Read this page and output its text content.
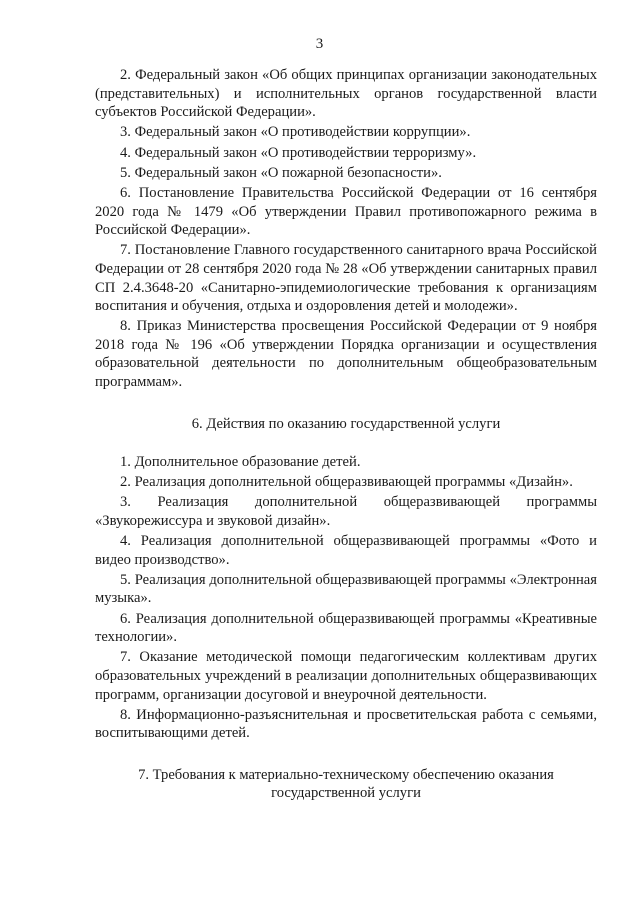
3

2. Федеральный закон «Об общих принципах организации законодательных (представительных) и исполнительных органов государственной власти субъектов Российской Федерации».

3. Федеральный закон «О противодействии коррупции».

4. Федеральный закон «О противодействии терроризму».

5. Федеральный закон «О пожарной безопасности».

6. Постановление Правительства Российской Федерации от 16 сентября 2020 года № 1479 «Об утверждении Правил противопожарного режима в Российской Федерации».

7. Постановление Главного государственного санитарного врача Российской Федерации от 28 сентября 2020 года № 28 «Об утверждении санитарных правил СП 2.4.3648-20 «Санитарно-эпидемиологические требования к организациям воспитания и обучения, отдыха и оздоровления детей и молодежи».

8. Приказ Министерства просвещения Российской Федерации от 9 ноября 2018 года № 196 «Об утверждении Порядка организации и осуществления образовательной деятельности по дополнительным общеобразовательным программам».

6. Действия по оказанию государственной услуги

1. Дополнительное образование детей.

2. Реализация дополнительной общеразвивающей программы «Дизайн».

3. Реализация дополнительной общеразвивающей программы «Звукорежиссура и звуковой дизайн».

4. Реализация дополнительной общеразвивающей программы «Фото и видео производство».

5. Реализация дополнительной общеразвивающей программы «Электронная музыка».

6. Реализация дополнительной общеразвивающей программы «Креативные технологии».

7. Оказание методической помощи педагогическим коллективам других образовательных учреждений в реализации дополнительных общеразвивающих программ, организации досуговой и внеурочной деятельности.

8. Информационно-разъяснительная и просветительская работа с семьями, воспитывающими детей.

7. Требования к материально-техническому обеспечению оказания

государственной услуги
